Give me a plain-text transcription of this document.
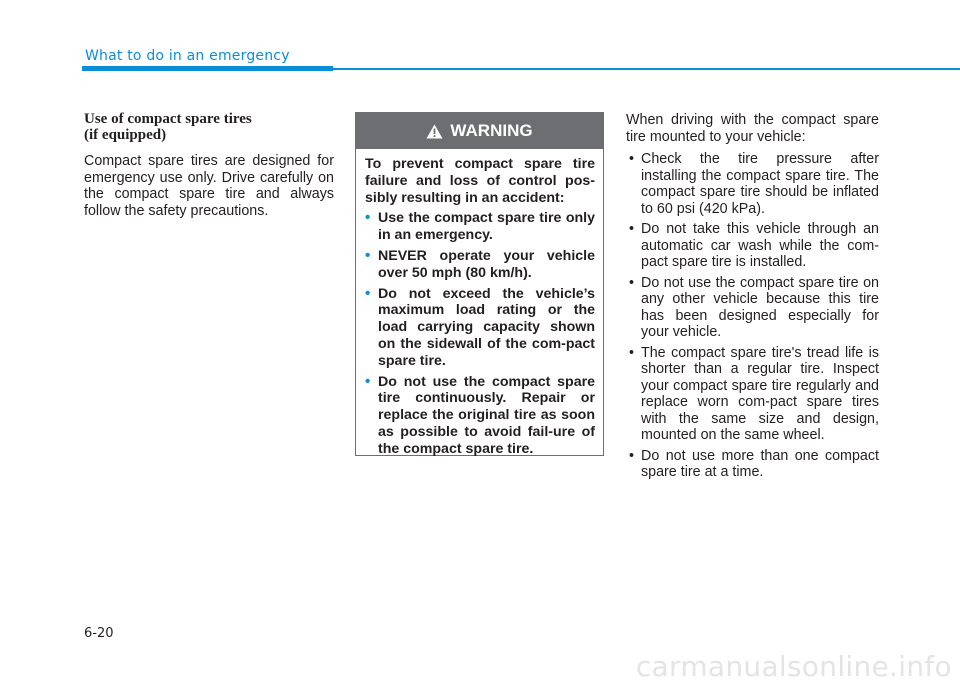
What to do in an emergency
Use of compact spare tires
(if equipped)

Compact spare tires are designed for emergency use only. Drive carefully on the compact spare tire and always follow the safety precautions.

WARNING

To prevent compact spare tire failure and loss of control pos-sibly resulting in an accident:

• Use the compact spare tire only in an emergency.
• NEVER operate your vehicle over 50 mph (80 km/h).
• Do not exceed the vehicle’s maximum load rating or the load carrying capacity shown on the sidewall of the com-pact spare tire.
• Do not use the compact spare tire continuously. Repair or replace the original tire as soon as possible to avoid fail-ure of the compact spare tire.

When driving with the compact spare tire mounted to your vehicle:

• Check the tire pressure after installing the compact spare tire. The compact spare tire should be inflated to 60 psi (420 kPa).
• Do not take this vehicle through an automatic car wash while the com-pact spare tire is installed.
• Do not use the compact spare tire on any other vehicle because this tire has been designed especially for your vehicle.
• The compact spare tire's tread life is shorter than a regular tire. Inspect your compact spare tire regularly and replace worn com-pact spare tires with the same size and design, mounted on the same wheel.
• Do not use more than one compact spare tire at a time.
6-20
carmanualsonline.info
